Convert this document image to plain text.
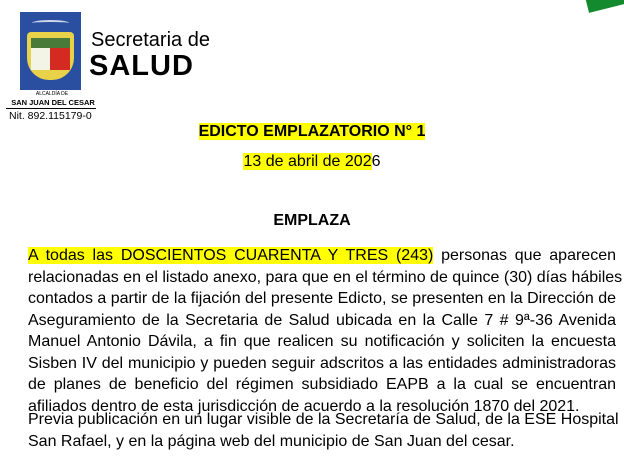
Secretaria de
SALUD
ALCALDÍA DE
SAN JUAN DEL CESAR
Nit. 892.115179-0
EDICTO EMPLAZATORIO N° 1
13 de abril de 2026
EMPLAZA
A todas las DOSCIENTOS CUARENTA Y TRES (243) personas que aparecen
relacionadas en el listado anexo, para que en el término de quince (30) días hábiles
contados a partir de la fijación del presente Edicto, se presenten en la Dirección de
Aseguramiento de la Secretaria de Salud ubicada en la Calle 7 # 9ª-36 Avenida
Manuel Antonio Dávila, a fin que realicen su notificación y soliciten la encuesta
Sisben IV del municipio y pueden seguir adscritos a las entidades administradoras
de planes de beneficio del régimen subsidiado EAPB a la cual se encuentran
afiliados dentro de esta jurisdicción de acuerdo a la resolución 1870 del 2021.
Previa publicación en un lugar visible de la Secretaría de Salud, de la ESE Hospital
San Rafael, y en la página web del municipio de San Juan del cesar.
